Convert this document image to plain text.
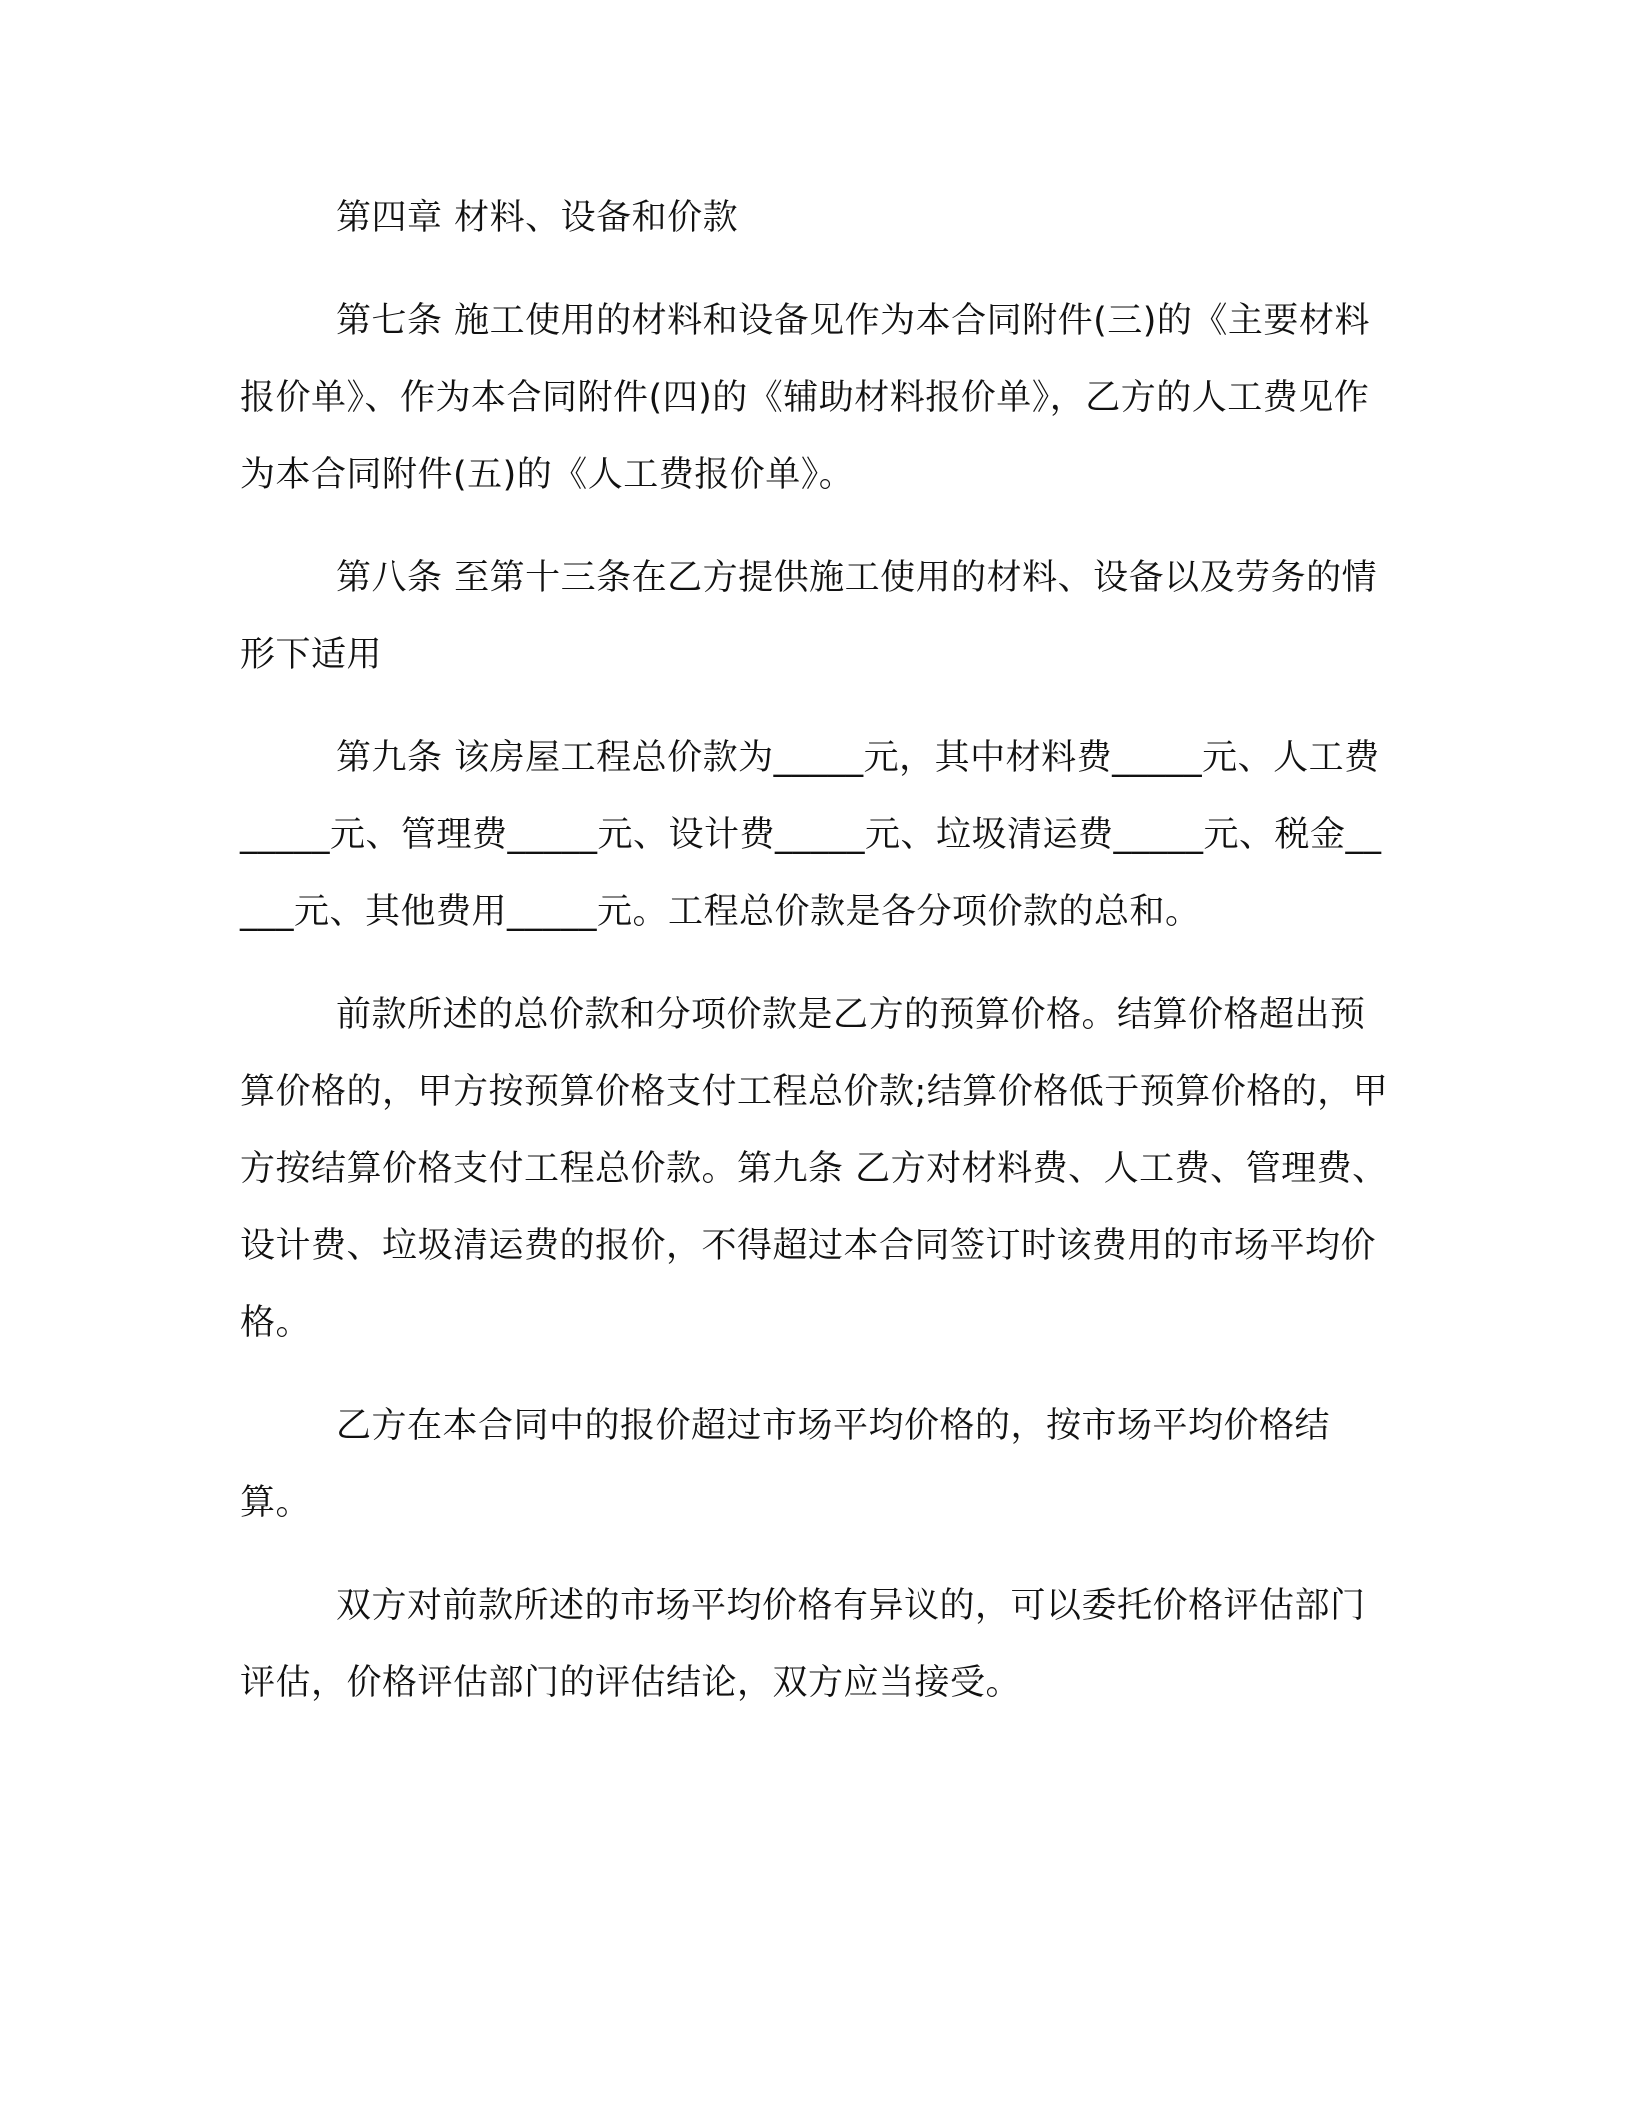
第四章 材料、设备和价款

第七条 施工使用的材料和设备见作为本合同附件(三)的《主要材料报价单》、作为本合同附件(四)的《辅助材料报价单》，乙方的人工费见作为本合同附件(五)的《人工费报价单》。

第八条 至第十三条在乙方提供施工使用的材料、设备以及劳务的情形下适用

第九条 该房屋工程总价款为_____元，其中材料费_____元、人工费_____元、管理费_____元、设计费_____元、垃圾清运费_____元、税金_____元、其他费用_____元。工程总价款是各分项价款的总和。

前款所述的总价款和分项价款是乙方的预算价格。结算价格超出预算价格的，甲方按预算价格支付工程总价款;结算价格低于预算价格的，甲方按结算价格支付工程总价款。第九条 乙方对材料费、人工费、管理费、设计费、垃圾清运费的报价，不得超过本合同签订时该费用的市场平均价格。

乙方在本合同中的报价超过市场平均价格的，按市场平均价格结算。

双方对前款所述的市场平均价格有异议的，可以委托价格评估部门评估，价格评估部门的评估结论，双方应当接受。
